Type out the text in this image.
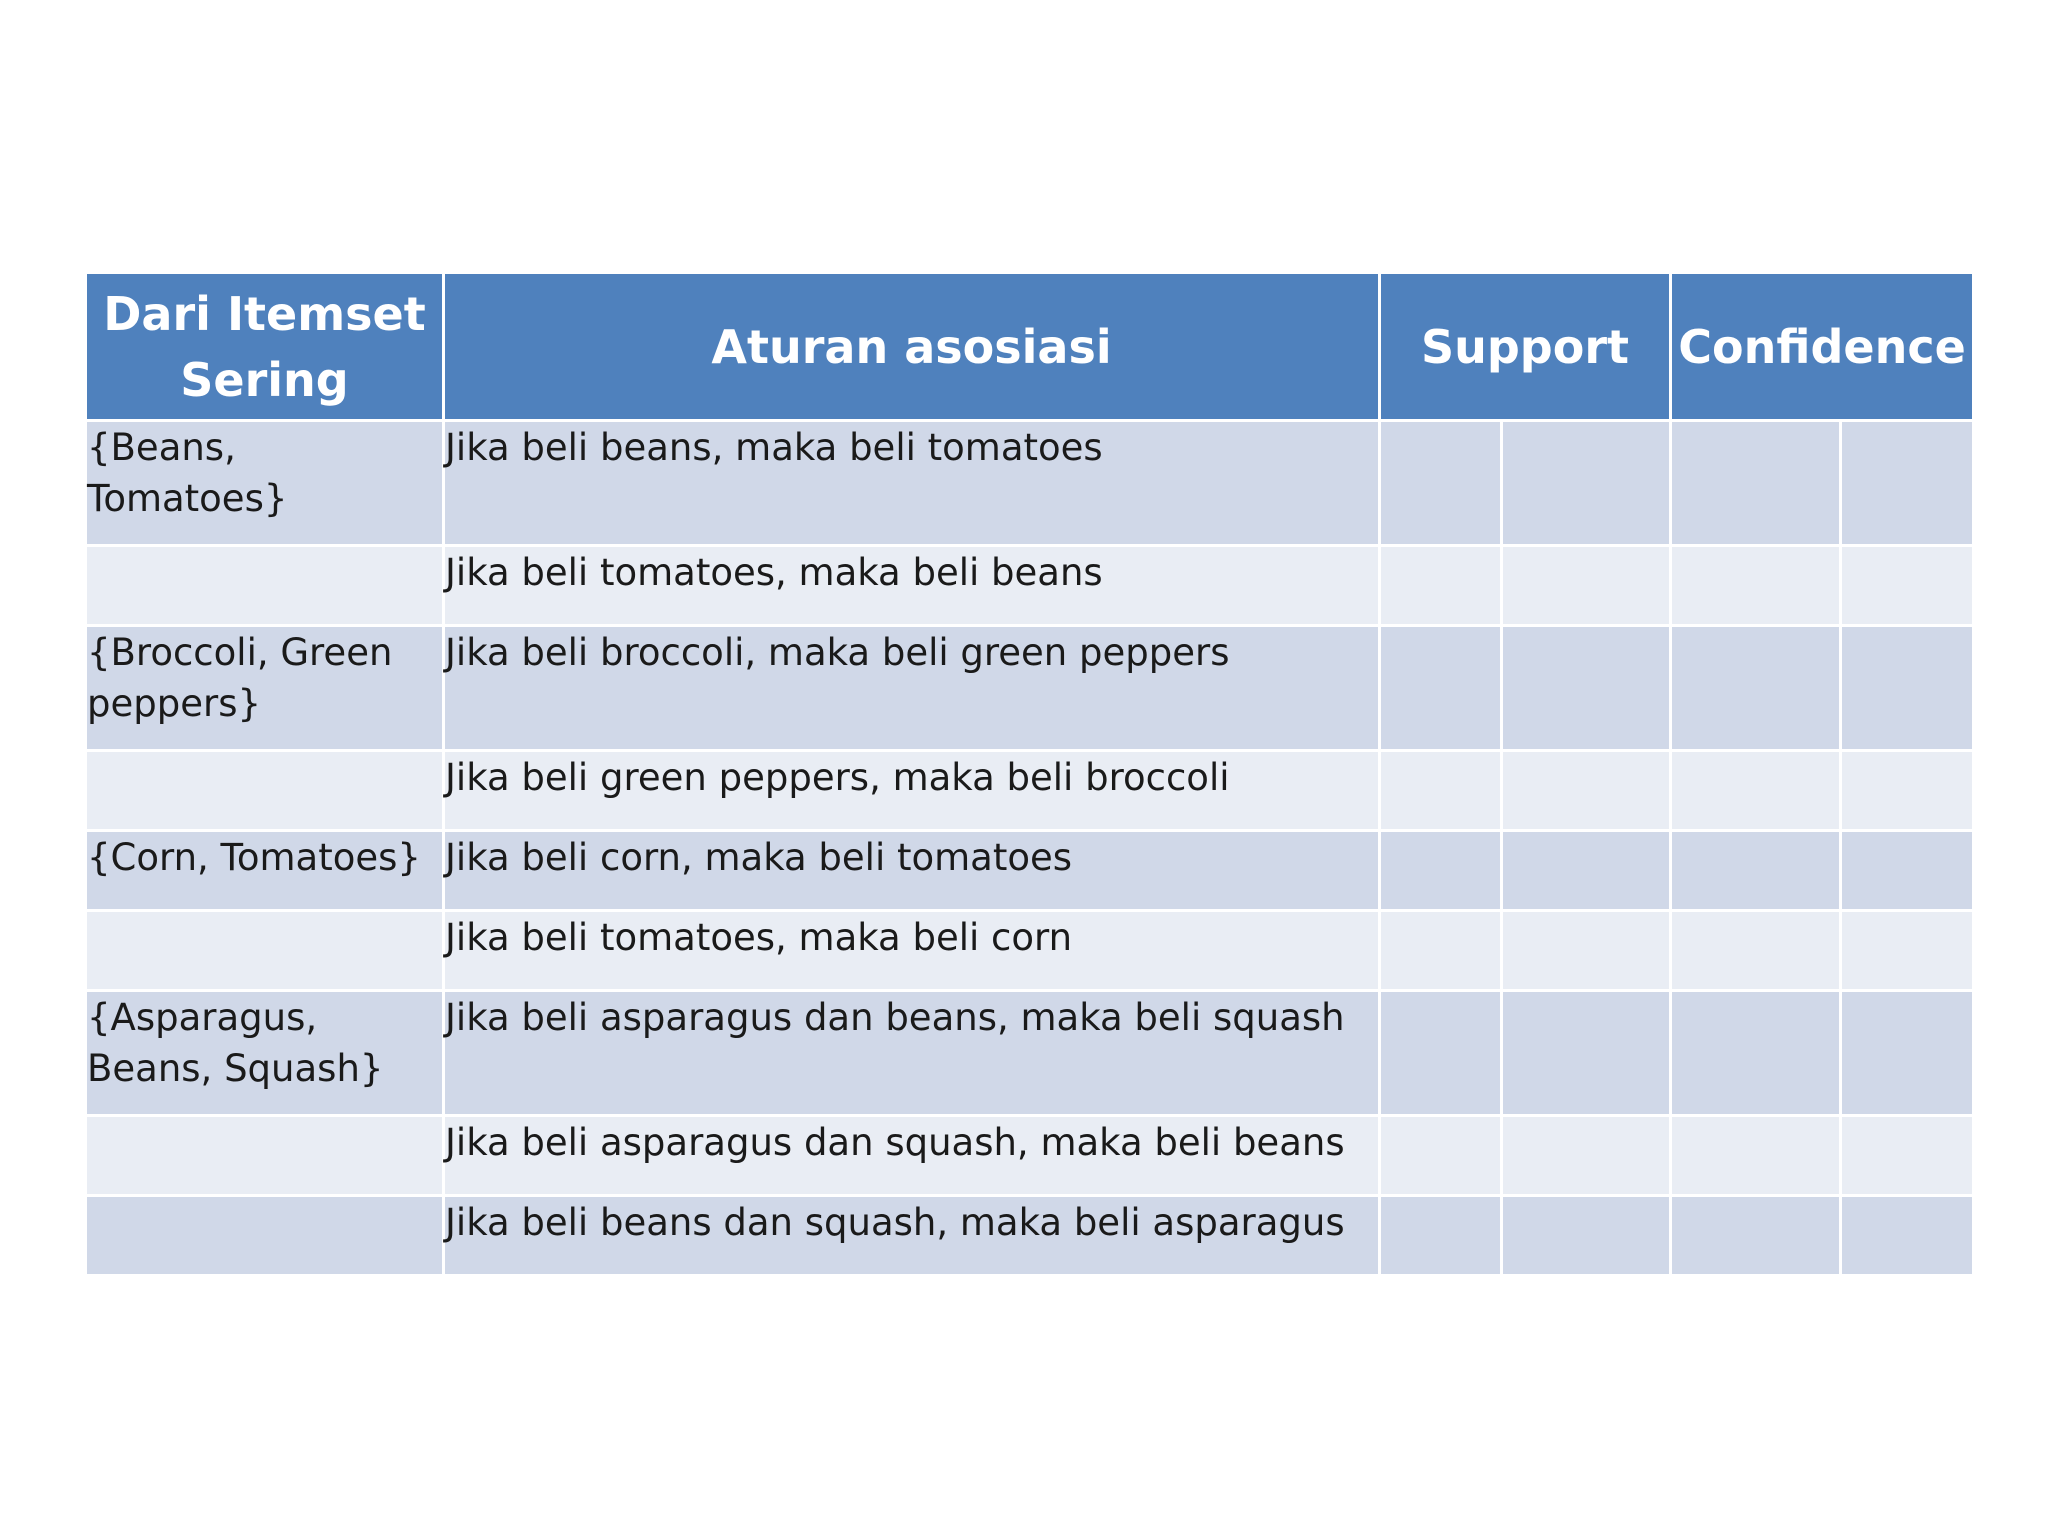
Dari Itemset Sering	Aturan asosiasi	Support		Confidence	
{Beans, Tomatoes}	Jika beli beans, maka beli tomatoes				
	Jika beli tomatoes, maka beli beans				
{Broccoli, Green peppers}	Jika beli broccoli, maka beli green peppers				
	Jika beli green peppers, maka beli broccoli				
{Corn, Tomatoes}	Jika beli corn, maka beli tomatoes				
	Jika beli tomatoes, maka beli corn				
{Asparagus, Beans, Squash}	Jika beli asparagus dan beans, maka beli squash				
	Jika beli asparagus dan squash, maka beli beans				
	Jika beli beans dan squash, maka beli asparagus				
